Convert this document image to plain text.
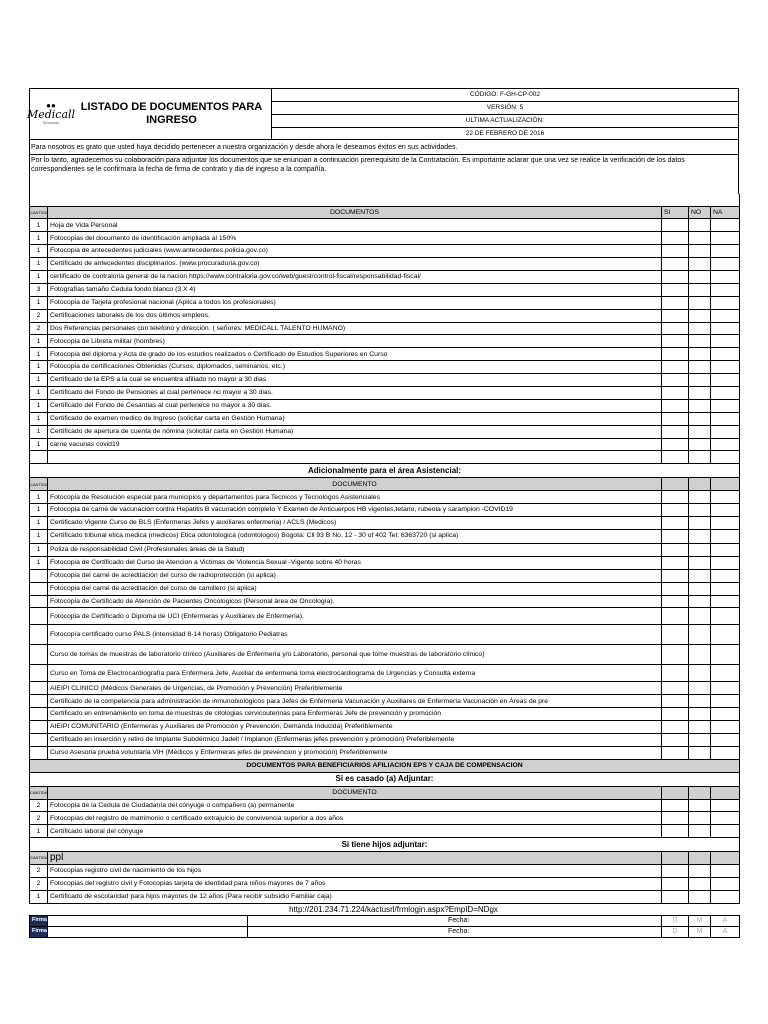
●●
Medicall
Servicios
LISTADO DE DOCUMENTOS PARA INGRESO
CÓDIGO: F-GH-CP-002
VERSIÓN: 5
ULTIMA ACTUALIZACIÓN:
22 DE FEBRERO DE 2016
Para nosotros es grato que usted haya decidido pertenecer a nuestra organización y desde ahora le deseamos éxitos en sus actividades.
Por lo tanto, agradecemos su colaboración para adjuntar los documentos que se enuncian a continuación prerrequisito de la Contratación. Es importante aclarar que una vez se realice la verificación de los datos correspondientes se le confirmara la fecha de firma de contrato y dia de ingreso a la compañía.

CANTIDA	DOCUMENTOS	SI	NO	NA
1	Hoja de Vida Personal			
1	Fotocopias del documento de identificación ampliada al 150%			
1	Fotocopia de antecedentes judiciales (www.antecedentes.policia.gov.co)			
1	Certificado de antecedentes disciplinarios. (www.procuraduria.gov.co)			
1	certificado de contraloria general de la nacion https://www.contraloria.gov.co/web/guest/control-fiscal/responsabilidad-fiscal/			
3	Fotografías tamaño Cedula fondo blanco (3 X 4)			
1	Fotocopia de Tarjeta profesional nacional (Aplica a todos los profesionales)			
2	Certificaciones laborales de los dos últimos empleos.			
2	Dos Referencias personales con telefono y dirección. ( señores: MEDICALL TALENTO HUMANO)			
1	Fotocopia de Libreta militar (hombres)			
1	Fotocopia del diploma y Acta de grado de los estudios realizados o Certificado de Estudios Superiores en Curso			
1	Fotocopia de certificaciones Obtenidas (Cursos, diplomados, seminarios, etc.)			
1	Certificado de la EPS a la cual se encuentra afiliado no mayor a 30 dias			
1	Certificado del Fondo de Pensiones al cual pertenece no mayor a 30 dias.			
1	Certificado del Fondo de Cesantias al cual pertenece no mayor a 30 dias.			
1	Certificado de examen medico de Ingreso (solicitar carta en Gestión Humana)			
1	Certificado de apertura de cuenta de nómina (solicitar carta en Gestión Humana)			
1	carne vacunas covid19			

Adicionalmente para el área Asistencial:				
CANTIDA	DOCUMENTO			
1	Fotocopia de Resolución especial para municipios y departamentos para Tecnicos y Tecnologos Asistenciales			
1	Fotocopia de carné de vacunación contra Hepatitis B vacunación completo Y Examen de Anticuerpos HB vigentes,tetano, rubeola y sarampion -COVID19			
1	Certificado Vigente Curso de BLS (Enfermeras Jefes y auxiliares enfermeria) / ACLS (Medicos)			
1	Certificado tribunal etica medica (medicos) Etica odontologica (odontologos) Bogota: Cll 93 B No. 12 - 30 of 402 Tel: 6363720 (si aplica)			
1	Poliza de responsabilidad Civil (Profesionales áreas de la Salud)			
1	Fotocopia de Certificado del Curso de Atencion a Victimas de Violencia Sexual -Vigente sobre 40 horas			
	Fotocopia del carné de acreditación del curso de radioprotección (si aplica)			
	Fotocopia del carné de acreditación del curso de camillero (si aplica)			
	Fotocopia de Certificado de Atención de Pacientes Oncologicos (Personal área de Oncología).			
	Fotocopia de Certificado o Diploma de UCI (Enfermeras y Auxiliares de Enfermería).			
	Fotocopía certificado curso PALS (intensidad 8-14 horas) Obligatorio Pediatras			
	Curso de tomas de muestras de laboratorio clínico (Auxiliares de Enfermería y/o Laboratorio, personal que tome muestras de laboratorio clínico)			
	Curso en Toma de Electrocardiografía para Enfermera Jefe, Auxiliar de enfermeria toma electrocardiograma de Urgencias y Consulta externa			
	AIEIPI CLINICO (Médicos Generales de Urgencias, de Promoción y Prevención) Preferiblemente			
	Certificado de la competencia para administración de inmunobiológicos para Jefes de Enfermeria Vacunación y Auxiliares de Enfermería Vacunación en Áreas de pre			
	Certificado en entrenamiento en toma de muestras de citologias cervicouterinas para Enfermeras Jefe de prevención y promoción			
	AIEIPI COMUNITARIO (Enfermeras y Auxiliares de Promoción y Prevención, Demanda Inducida) Preferiblemente			
	Certificado en inserción y retiro de Implante Subdérmico Jadell / Implanon (Enfermeras jefes prevención y promoción) Preferiblemente			
	Curso Asesoria prueba voluntaria VIH (Médicos y Enfermeras jefes de prevencion y promoción) Preferiblemente			
DOCUMENTOS PARA BENEFICIARIOS AFILIACION EPS Y CAJA DE COMPENSACION				
Si es casado (a) Adjuntar:				
CANTIDA	DOCUMENTO			
2	Fotocopia de la Cedula de Ciudadanía del cónyuge o compañero (a) permanente			
2	Fotocopias del registro de matrimonio o certificado extrajuicio de convivencia superior a dos años			
1	Certificado laboral del cónyuge			
Si tiene hijos adjuntar:				
CANTIDA	ppl			
2	Fotocopias registro civil de nacimiento de los hijos			
2	Fotocopias del registro civil y Fotocopias tarjeta de identidad para niños mayores de 7 años			
1	Certificado de escolaridad para hijos mayores de 12 años (Para recibir subsidio Familiar caja)			
	http://201.234.71.224/kactusrl/frmlogin.aspx?EmpID=NDgx			
Firma del Colaborador:	Fecha:	D	M	A
Firma de Responsable GH:	Fecha:	D	M	A
